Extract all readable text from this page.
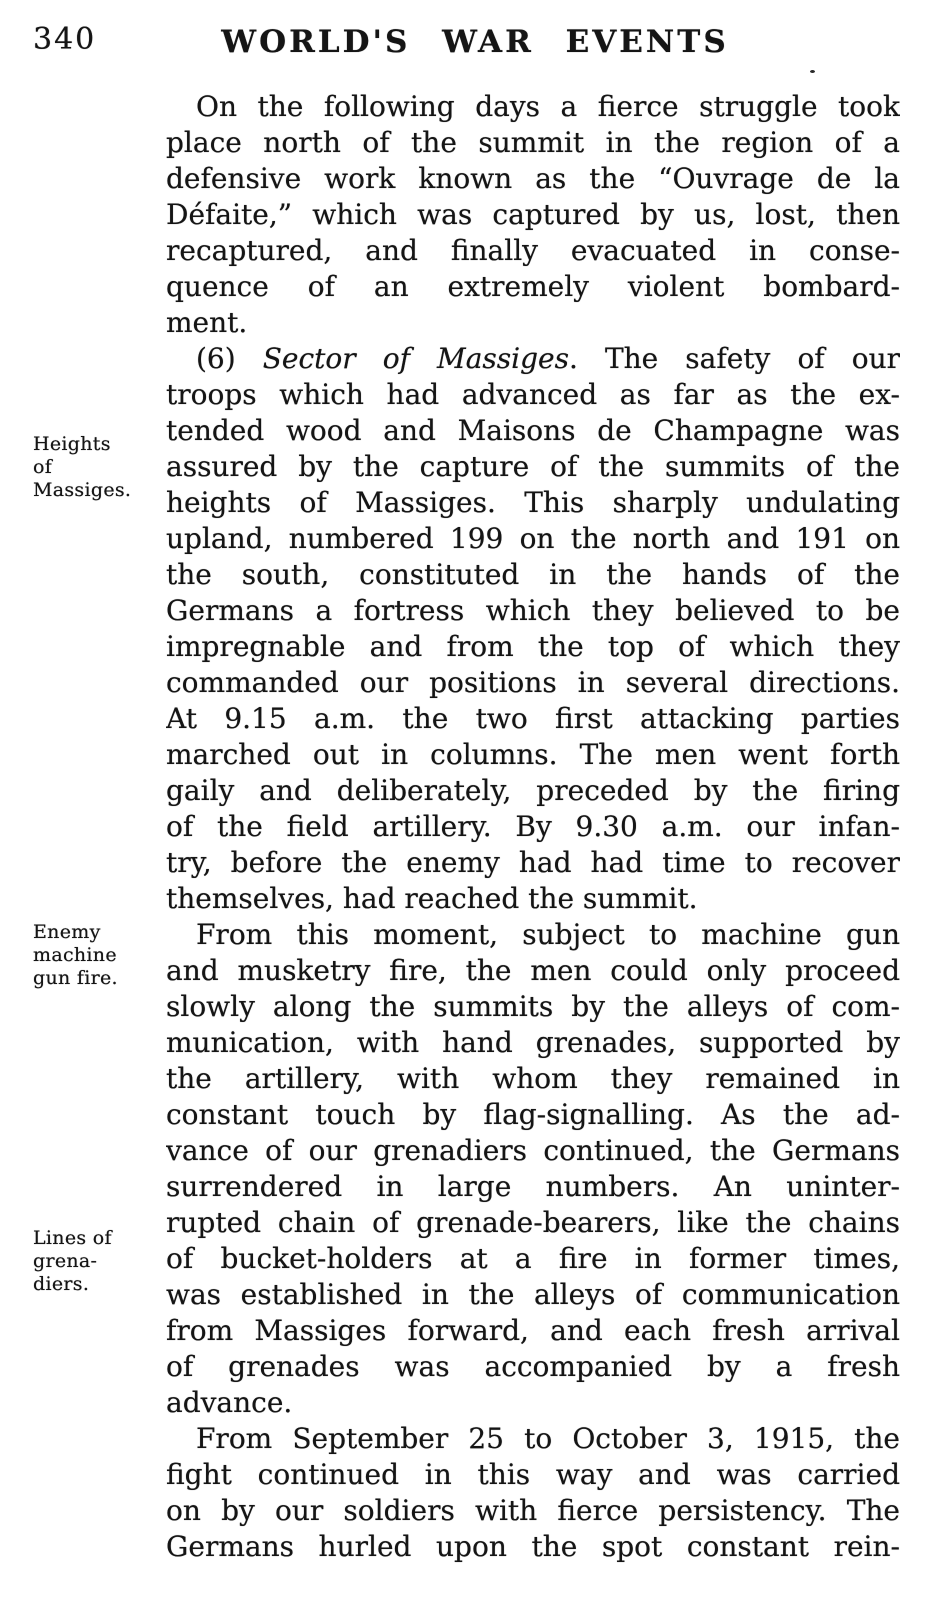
340	WORLD'S WAR EVENTS
Heights
of
Massiges.
Enemy
machine
gun fire.
Lines of
grena-
diers.
On the following days a fierce struggle took
place north of the summit in the region of a
defensive work known as the “Ouvrage de la
Défaite,” which was captured by us, lost, then
recaptured, and finally evacuated in conse-
quence of an extremely violent bombard-
ment.
(6) Sector of Massiges. The safety of our
troops which had advanced as far as the ex-
tended wood and Maisons de Champagne was
assured by the capture of the summits of the
heights of Massiges. This sharply undulating
upland, numbered 199 on the north and 191 on
the south, constituted in the hands of the
Germans a fortress which they believed to be
impregnable and from the top of which they
commanded our positions in several directions.
At 9.15 a.m. the two first attacking parties
marched out in columns. The men went forth
gaily and deliberately, preceded by the firing
of the field artillery. By 9.30 a.m. our infan-
try, before the enemy had had time to recover
themselves, had reached the summit.
From this moment, subject to machine gun
and musketry fire, the men could only proceed
slowly along the summits by the alleys of com-
munication, with hand grenades, supported by
the artillery, with whom they remained in
constant touch by flag-signalling. As the ad-
vance of our grenadiers continued, the Germans
surrendered in large numbers. An uninter-
rupted chain of grenade-bearers, like the chains
of bucket-holders at a fire in former times,
was established in the alleys of communication
from Massiges forward, and each fresh arrival
of grenades was accompanied by a fresh
advance.
From September 25 to October 3, 1915, the
fight continued in this way and was carried
on by our soldiers with fierce persistency. The
Germans hurled upon the spot constant rein-
